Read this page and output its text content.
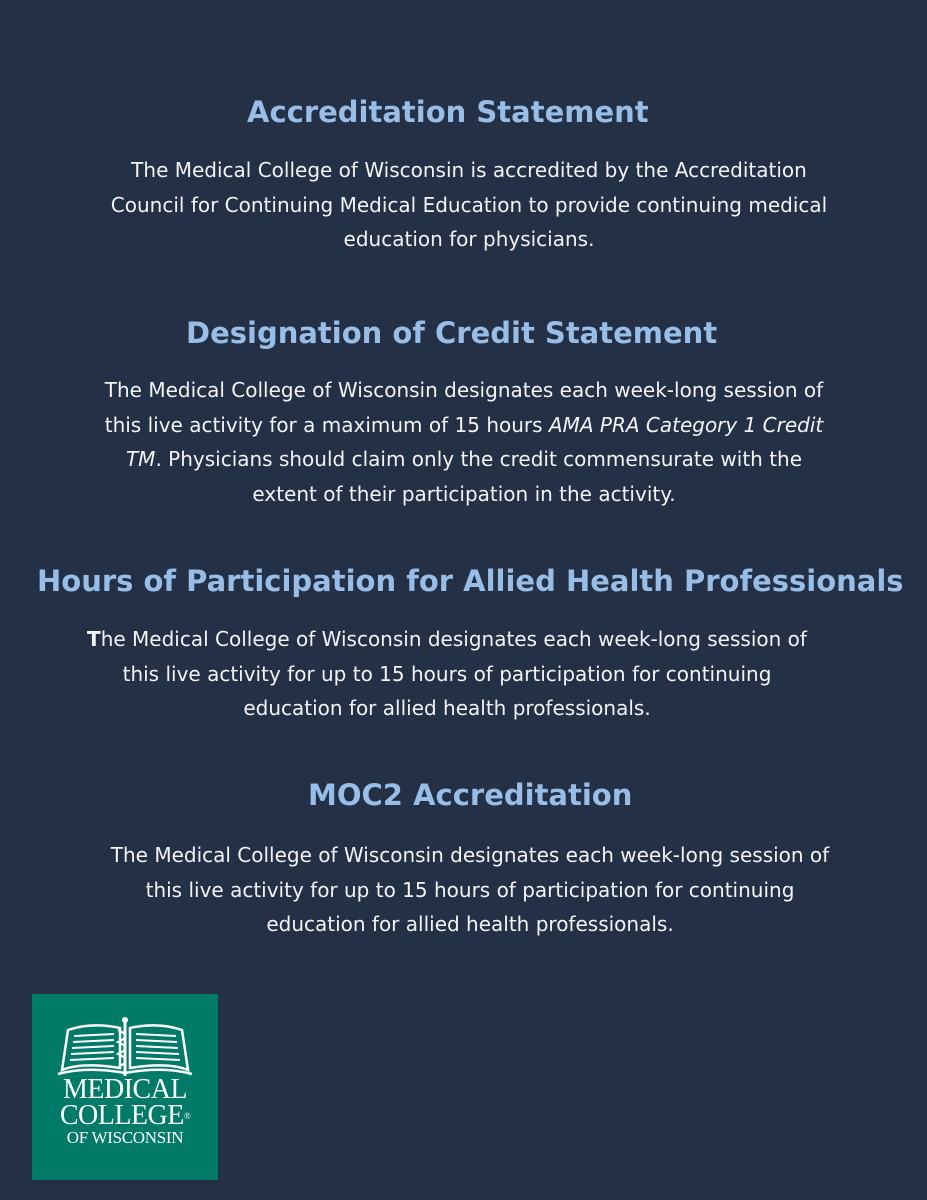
Accreditation Statement
The Medical College of Wisconsin is accredited by the Accreditation
Council for Continuing Medical Education to provide continuing medical
education for physicians.
Designation of Credit Statement
The Medical College of Wisconsin designates each week-long session of
this live activity for a maximum of 15 hours AMA PRA Category 1 Credit
TM. Physicians should claim only the credit commensurate with the
extent of their participation in the activity.
Hours of Participation for Allied Health Professionals
The Medical College of Wisconsin designates each week-long session of
this live activity for up to 15 hours of participation for continuing
education for allied health professionals.
MOC2 Accreditation
The Medical College of Wisconsin designates each week-long session of
this live activity for up to 15 hours of participation for continuing
education for allied health professionals.
MEDICAL
COLLEGE®
OF WISCONSIN
